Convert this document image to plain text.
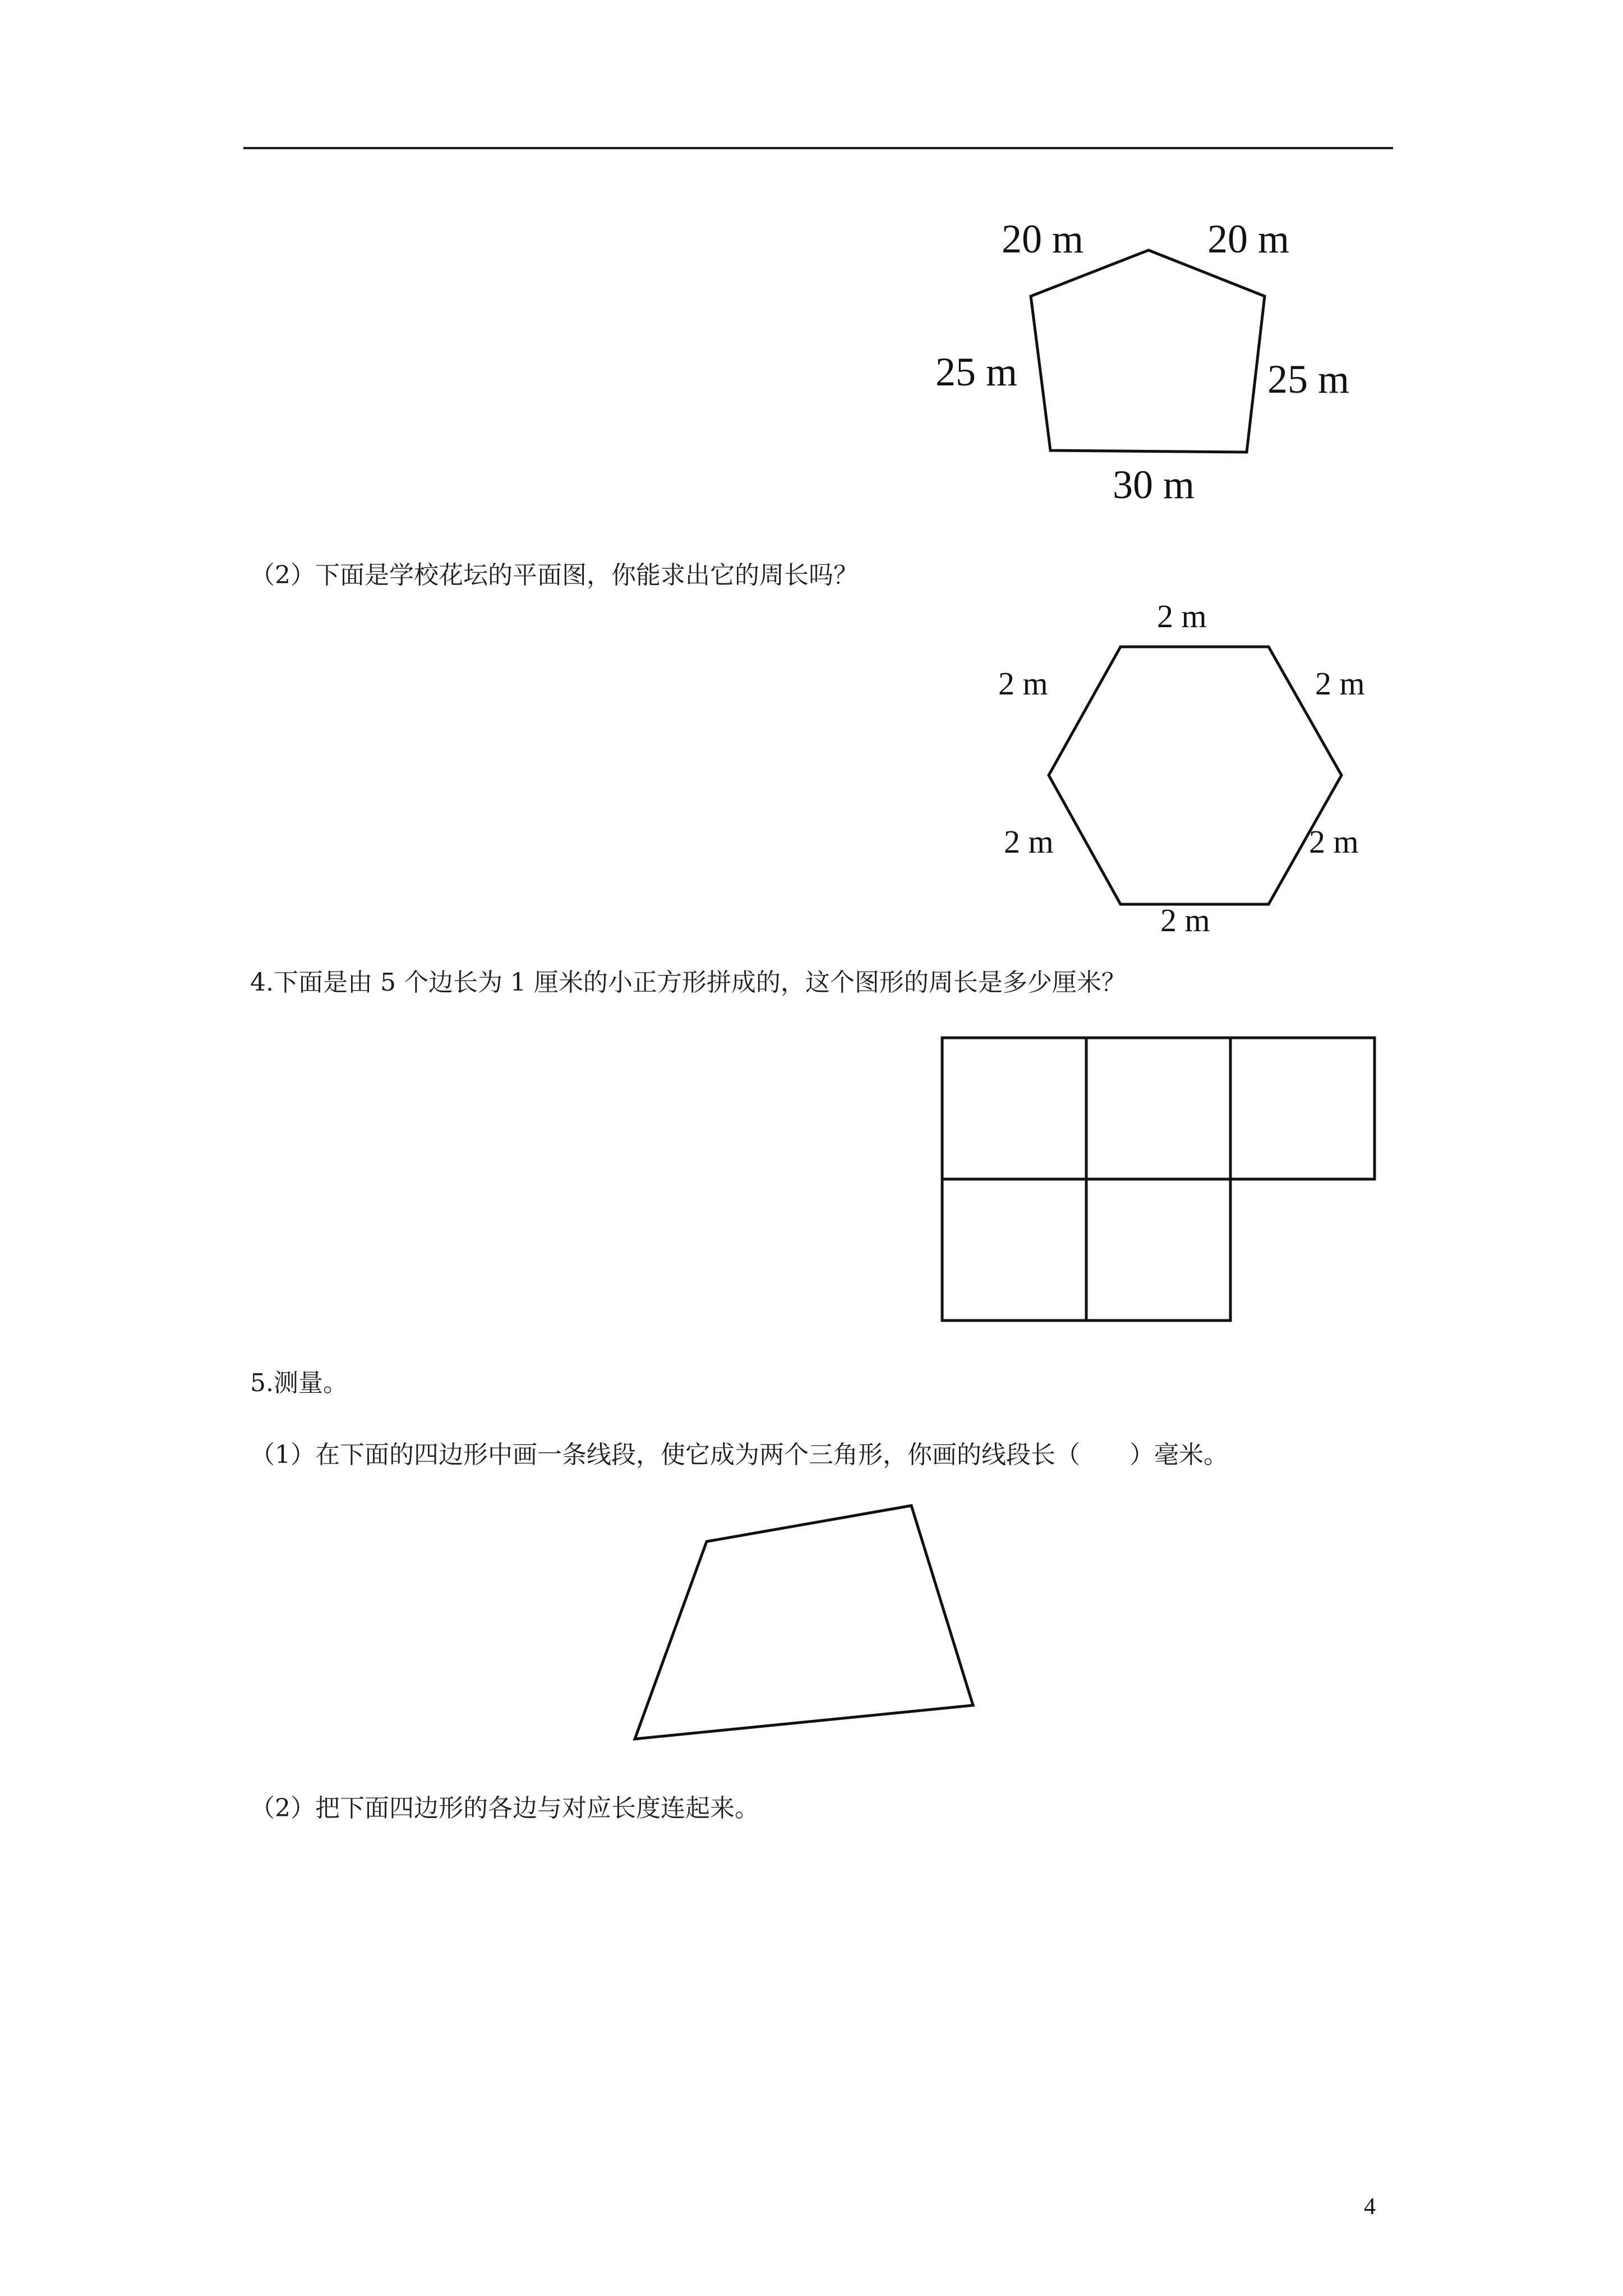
20 m	20 m
25 m	25 m
30 m
（2）下面是学校花坛的平面图，你能求出它的周长吗？
2 m
2 m	2 m
2 m	2 m
2 m
4.下面是由 5 个边长为 1 厘米的小正方形拼成的，这个图形的周长是多少厘米？
5.测量。
（1）在下面的四边形中画一条线段，使它成为两个三角形，你画的线段长（　　）毫米。
（2）把下面四边形的各边与对应长度连起来。
4
